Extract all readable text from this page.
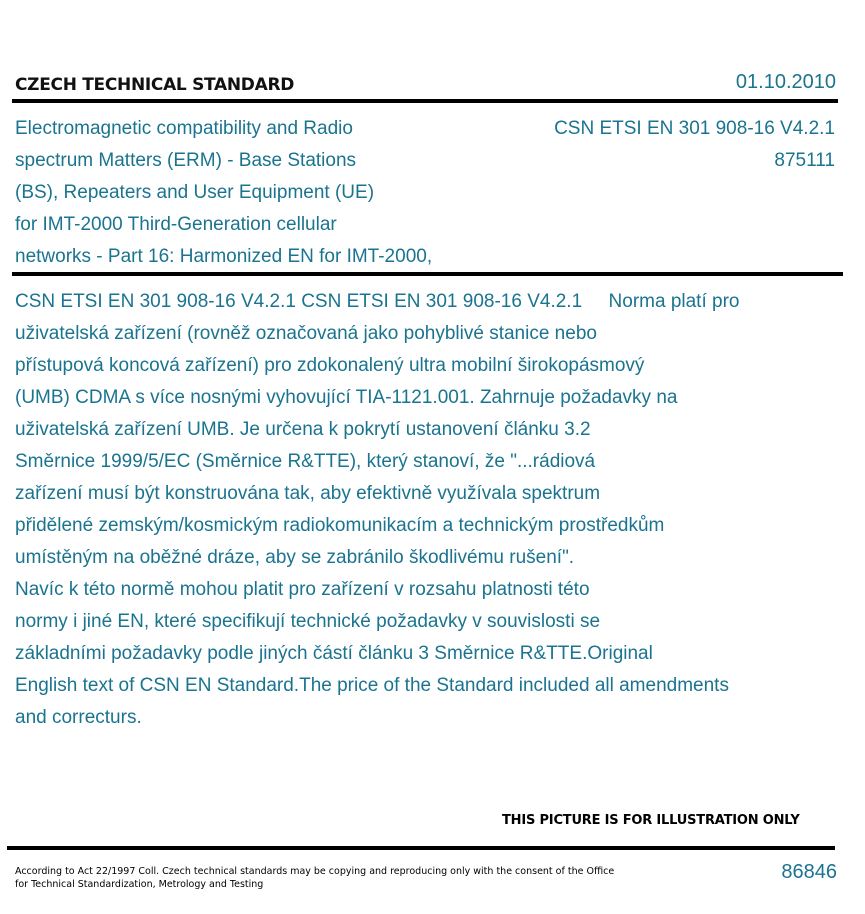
CZECH TECHNICAL STANDARD	01.10.2010
Electromagnetic compatibility and Radio
spectrum Matters (ERM) - Base Stations
(BS), Repeaters and User Equipment (UE)
for IMT-2000 Third-Generation cellular
networks - Part 16: Harmonized EN for IMT-2000,
CSN ETSI EN 301 908-16 V4.2.1
875111
CSN ETSI EN 301 908-16 V4.2.1 CSN ETSI EN 301 908-16 V4.2.1     Norma platí pro
uživatelská zařízení (rovněž označovaná jako pohyblivé stanice nebo
přístupová koncová zařízení) pro zdokonalený ultra mobilní širokopásmový
(UMB) CDMA s více nosnými vyhovující TIA-1121.001. Zahrnuje požadavky na
uživatelská zařízení UMB. Je určena k pokrytí ustanovení článku 3.2
Směrnice 1999/5/EC (Směrnice R&TTE), který stanoví, že "...rádiová
zařízení musí být konstruována tak, aby efektivně využívala spektrum
přidělené zemským/kosmickým radiokomunikacím a technickým prostředkům
umístěným na oběžné dráze, aby se zabránilo škodlivému rušení".
Navíc k této normě mohou platit pro zařízení v rozsahu platnosti této
normy i jiné EN, které specifikují technické požadavky v souvislosti se
základními požadavky podle jiných částí článku 3 Směrnice R&TTE.Original
English text of CSN EN Standard.The price of the Standard included all amendments
and correcturs.
THIS PICTURE IS FOR ILLUSTRATION ONLY
According to Act 22/1997 Coll. Czech technical standards may be copying and reproducing only with the consent of the Office
for Technical Standardization, Metrology and Testing
86846
